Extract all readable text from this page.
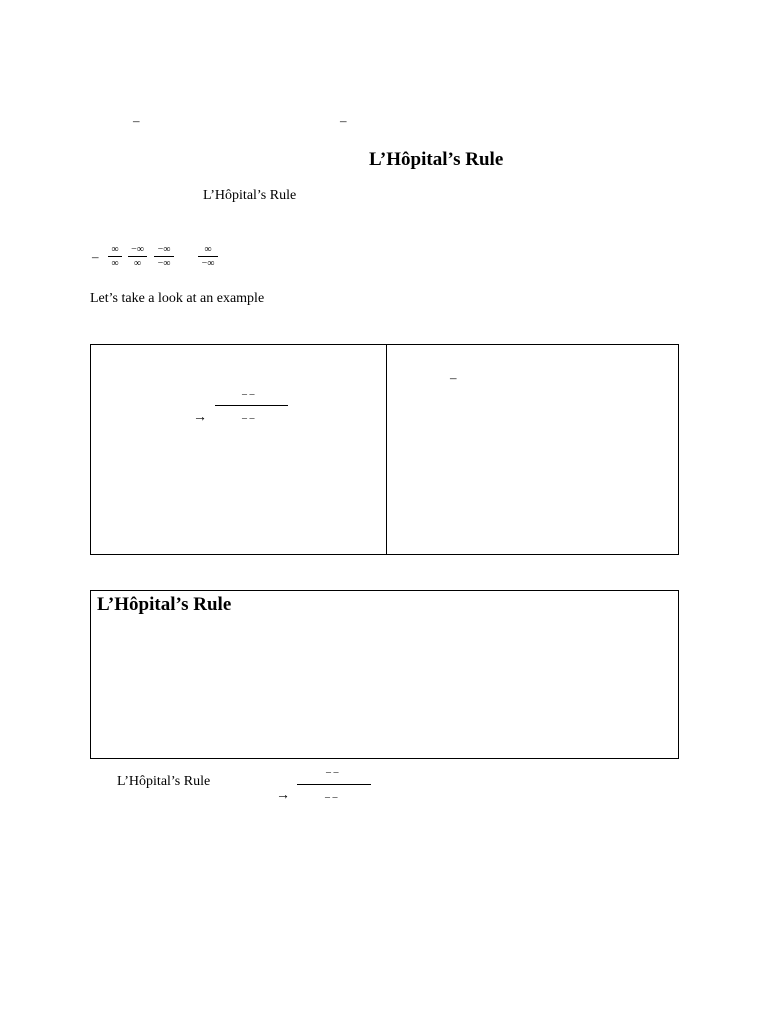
–	–
L’Hôpital’s Rule
L’Hôpital’s Rule
–	∞
∞
−∞
∞
−∞
−∞
∞
−∞
Let’s take a look at an example
– –
→	– –
–
L’Hôpital’s Rule
L’Hôpital’s Rule
– –
→	– –
